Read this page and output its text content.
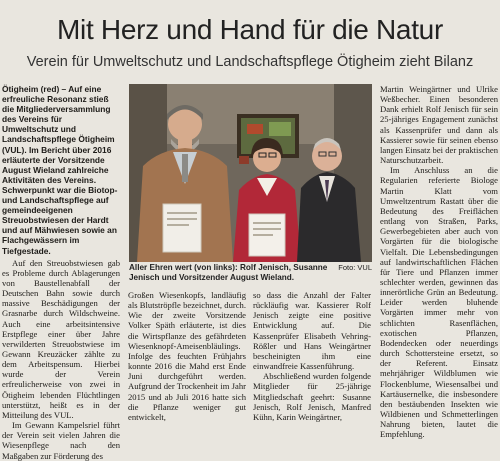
Mit Herz und Hand für die Natur
Verein für Umweltschutz und Landschaftspflege Ötigheim zieht Bilanz

Ötigheim (red) – Auf eine erfreuliche Resonanz stieß die Mitgliederversammlung des Vereins für Umweltschutz und Landschaftspflege Ötigheim (VUL). Im Bericht über 2016 erläuterte der Vorsitzende August Wieland zahlreiche Aktivitäten des Vereins. Schwerpunkt war die Biotop- und Landschaftspflege auf gemeindeeigenen Streuobstwiesen der Hardt und auf Mähwiesen sowie an Flachgewässern im Tiefgestade.

Auf den Streuobstwiesen gab es Probleme durch Ablagerungen von Baustellenabfall der Deutschen Bahn sowie durch massive Beschädigungen der Grasnarbe durch Wildschweine. Auch eine arbeitsintensive Erstpflege einer über Jahre verwilderten Streuobstwiese im Gewann Kreuzäcker zählte zu dem Arbeitspensum. Hierbei wurde der Verein erfreulicherweise von zwei in Ötigheim lebenden Flüchtlingen unterstützt, heißt es in der Mitteilung des VUL.

Im Gewann Kampelsriel führt der Verein seit vielen Jahren die Wiesenpflege nach den Maßgaben zur Förderung des

Foto: VUL
Aller Ehren wert (von links): Rolf Jenisch, Susanne Jenisch und Vorsitzender August Wieland.

Großen Wiesenkopfs, landläufig als Blutströpfle bezeichnet, durch. Wie der zweite Vorsitzende Volker Späth erläuterte, ist dies die Wirtspflanze des gefährdeten Wiesenknopf-Ameisenbläulings. Infolge des feuchten Frühjahrs konnte 2016 die Mahd erst Ende Juni durchgeführt werden. Aufgrund der Trockenheit im Jahr 2015 und ab Juli 2016 hatte sich die Pflanze weniger gut entwickelt,

so dass die Anzahl der Falter rückläufig war. Kassierer Rolf Jenisch zeigte eine positive Entwicklung auf. Die Kassenprüfer Elisabeth Vehring-Rößler und Hans Weingärtner bescheinigten ihm eine einwandfreie Kassenführung.

Abschließend wurden folgende Mitglieder für 25-jährige Mitgliedschaft geehrt: Susanne Jenisch, Rolf Jenisch, Manfred Kühn, Karin Weingärtner,

Martin Weingärtner und Ulrike Weßbecher. Einen besonderen Dank erhielt Rolf Jenisch für sein 25-jähriges Engagement zunächst als Kassenprüfer und dann als Kassierer sowie für seinen ebenso langen Einsatz bei der praktischen Naturschutzarbeit.

Im Anschluss an die Regularien referierte Biologe Martin Klatt vom Umweltzentrum Rastatt über die Bedeutung des Freiflächen entlang von Straßen, Parks, Gewerbegebieten aber auch von Vorgärten für die biologische Vielfalt. Die Lebensbedingungen auf landwirtschaftlichen Flächen für Tiere und Pflanzen immer schlechter werden, gewinnen das innerörtliche Grün an Bedeutung. Leider werden bluhende Vorgärten immer mehr von schlichten Rasenflächen, exotischen Pflanzen, Bodendecken oder neuerdings durch Schottersteine ersetzt, so der Referent. Einsatz mehrjähriger Wildblumen wie Flockenblume, Wiesensalbei und Kartäusernelke, die insbesondere den bestäubenden Insekten wie Wildbienen und Schmetterlingen Nahrung bieten, lautet die Empfehlung.
